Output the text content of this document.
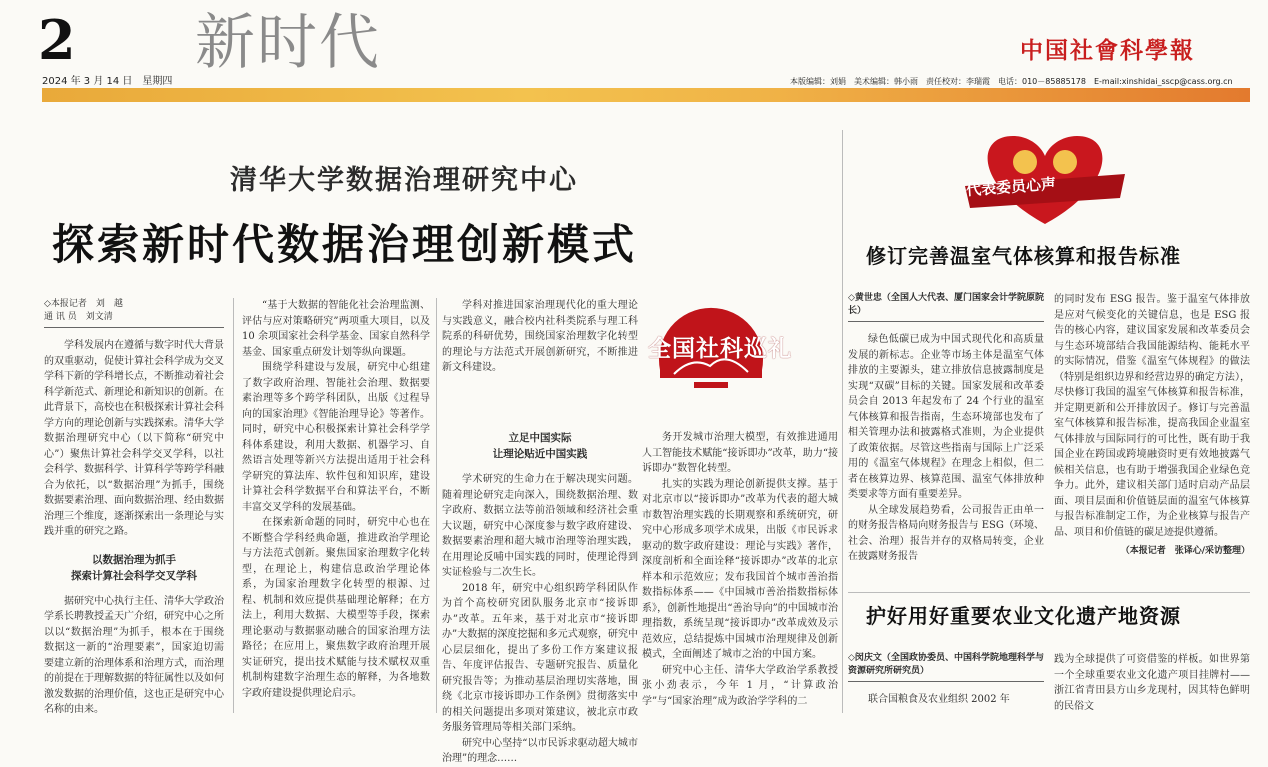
2 新时代
2024 年 3 月 14 日　星期四
中国社會科學報
本版编辑：刘娟　美术编辑：韩小雨　责任校对：李瑞霞　电话：010－85885178　E-mail:xinshidai_sscp@cass.org.cn
清华大学数据治理研究中心
探索新时代数据治理创新模式
◇本报记者　刘　越
通 讯 员　刘文清

学科发展内在遵循与数字时代大背景的双重驱动，促使计算社会科学成为交叉学科下新的学科增长点，不断推动着社会科学新范式、新理论和新知识的创新。在此背景下，高校也在积极探索计算社会科学方向的理论创新与实践探索。清华大学数据治理研究中心（以下简称“研究中心”）聚焦计算社会科学交叉学科，以社会科学、数据科学、计算科学等跨学科融合为依托，以“数据治理”为抓手，围绕数据要素治理、面向数据治理、经由数据治理三个维度，逐渐探索出一条理论与实践并重的研究之路。

以数据治理为抓手
探索计算社会科学交叉学科

据研究中心执行主任、清华大学政治学系长聘教授孟天广介绍，研究中心之所以以“数据治理”为抓手，根本在于围绕数据这一新的“治理要素”，国家迫切需要建立新的治理体系和治理方式，而治理的前提在于理解数据的特征属性以及如何激发数据的治理价值，这也正是研究中心名称的由来。

“基于大数据的智能化社会治理监测、评估与应对策略研究”两项重大项目，以及 10 余项国家社会科学基金、国家自然科学基金、国家重点研发计划等纵向课题。

围绕学科建设与发展，研究中心组建了数字政府治理、智能社会治理、数据要素治理等多个跨学科团队，出版《过程导向的国家治理》《智能治理导论》等著作。同时，研究中心积极探索计算社会科学学科体系建设，利用大数据、机器学习、自然语言处理等新兴方法提出适用于社会科学研究的算法库、软件包和知识库，建设计算社会科学数据平台和算法平台，不断丰富交叉学科的发展基础。

在探索新命题的同时，研究中心也在不断整合学科经典命题，推进政治学理论与方法范式创新。聚焦国家治理数字化转型，在理论上，构建信息政治学理论体系，为国家治理数字化转型的根源、过程、机制和效应提供基础理论解释；在方法上，利用大数据、大模型等手段，探索理论驱动与数据驱动融合的国家治理方法路径；在应用上，聚焦数字政府治理开展实证研究，提出技术赋能与技术赋权双重机制构建数字治理生态的解释，为各地数字政府建设提供理论启示。

学科对推进国家治理现代化的重大理论与实践意义，融合校内社科类院系与理工科院系的科研优势，围绕国家治理数字化转型的理论与方法范式开展创新研究，不断推进新文科建设。

全国社科巡礼
立足中国实际
让理论贴近中国实践

学术研究的生命力在于解决现实问题。随着理论研究走向深入，围绕数据治理、数字政府、数据立法等前沿领域和经济社会重大议题，研究中心深度参与数字政府建设、数据要素治理和超大城市治理等治理实践，在用理论反哺中国实践的同时，使理论得到实证检验与二次生长。

2018 年，研究中心组织跨学科团队作为首个高校研究团队服务北京市“接诉即办”改革。五年来，基于对北京市“接诉即办”大数据的深度挖掘和多元式观察，研究中心层层细化，提出了多份工作方案建议报告、年度评估报告、专题研究报告、质量化研究报告等；为推动基层治理切实落地，围绕《北京市接诉即办工作条例》贯彻落实中的相关问题提出多项对策建议，被北京市政务服务管理局等相关部门采纳。

研究中心坚持“以市民诉求驱动超大城市治理”的理念……

务开发城市治理大模型，有效推进通用人工智能技术赋能“接诉即办”改革，助力“接诉即办”数智化转型。

扎实的实践为理论创新提供支撑。基于对北京市以“接诉即办”改革为代表的超大城市数智治理实践的长期观察和系统研究，研究中心形成多项学术成果，出版《市民诉求驱动的数字政府建设：理论与实践》著作，深度剖析和全面诠释“接诉即办”改革的北京样本和示范效应；发布我国首个城市善治指数指标体系——《中国城市善治指数指标体系》，创新性地提出“善治导向”的中国城市治理指数，系统呈现“接诉即办”改革成效及示范效应，总结提炼中国城市治理规律及创新模式，全面阐述了城市之治的中国方案。

研究中心主任、清华大学政治学系教授张小劲表示，今年 1 月，“计算政治学”与“国家治理”成为政治学学科的二

代表委员心声
修订完善温室气体核算和报告标准
◇黄世忠（全国人大代表、厦门国家会计学院原院长）

绿色低碳已成为中国式现代化和高质量发展的新标志。企业等市场主体是温室气体排放的主要源头，建立排放信息披露制度是实现“双碳”目标的关键。国家发展和改革委员会自 2013 年起发布了 24 个行业的温室气体核算和报告指南，生态环境部也发布了相关管理办法和披露格式准则，为企业提供了政策依据。尽管这些指南与国际上广泛采用的《温室气体规程》在理念上相似，但二者在核算边界、核算范围、温室气体排放种类要求等方面有重要差异。

从全球发展趋势看，公司报告正由单一的财务报告格局向财务报告与 ESG（环境、社会、治理）报告并存的双格局转变，企业在披露财务报告

的同时发布 ESG 报告。鉴于温室气体排放是应对气候变化的关键信息，也是 ESG 报告的核心内容，建议国家发展和改革委员会与生态环境部结合我国能源结构、能耗水平的实际情况，借鉴《温室气体规程》的做法（特别是组织边界和经营边界的确定方法），尽快修订我国的温室气体核算和报告标准，并定期更新和公开排放因子。修订与完善温室气体核算和报告标准，提高我国企业温室气体排放与国际同行的可比性，既有助于我国企业在跨国或跨境融资时更有效地披露气候相关信息，也有助于增强我国企业绿色竞争力。此外，建议相关部门适时启动产品层面、项目层面和价值链层面的温室气体核算与报告标准制定工作，为企业核算与报告产品、项目和价值链的碳足迹提供遵循。

（本报记者　张译心/采访整理）
护好用好重要农业文化遗产地资源
◇闵庆文（全国政协委员、中国科学院地理科学与资源研究所研究员）

联合国粮食及农业组织 2002 年

践为全球提供了可资借鉴的样板。如世界第一个全球重要农业文化遗产项目挂牌村——浙江省青田县方山乡龙现村，因其特色鲜明的民俗文
